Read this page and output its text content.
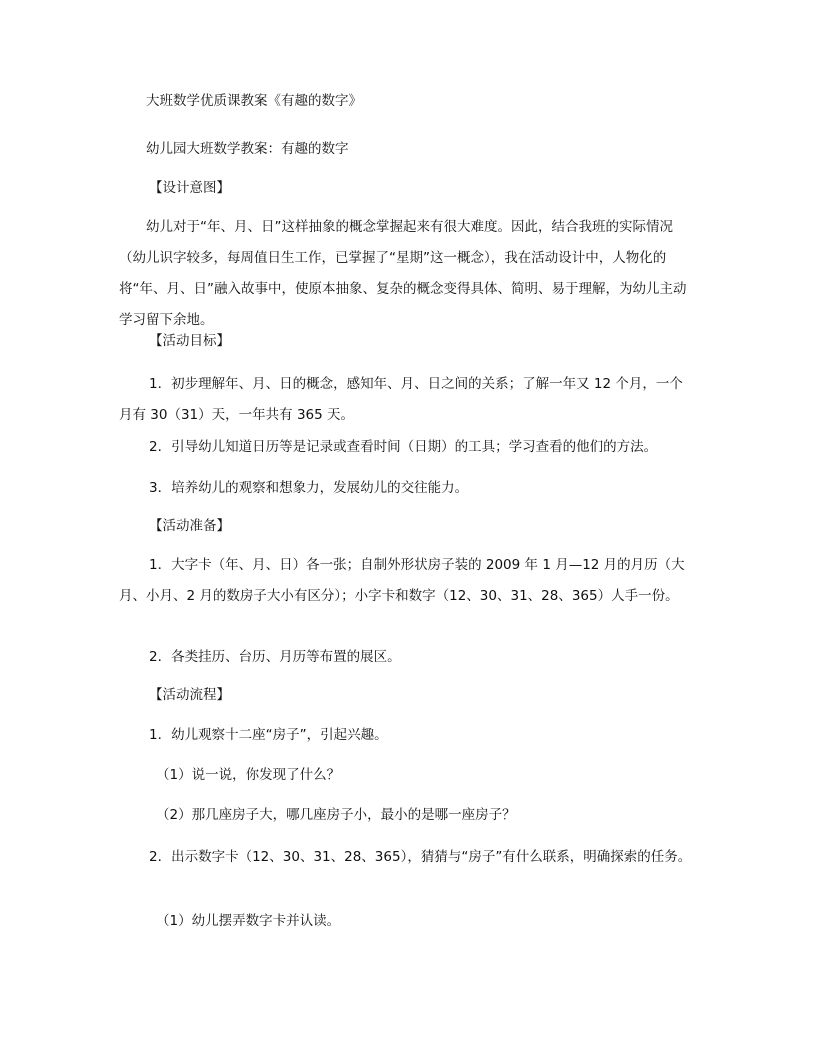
大班数学优质课教案《有趣的数字》

幼儿园大班数学教案：有趣的数字

【设计意图】

幼儿对于“年、月、日”这样抽象的概念掌握起来有很大难度。因此，结合我班的实际情况（幼儿识字较多，每周值日生工作，已掌握了“星期”这一概念），我在活动设计中，人物化的将“年、月、日”融入故事中，使原本抽象、复杂的概念变得具体、简明、易于理解，为幼儿主动学习留下余地。

【活动目标】

1．初步理解年、月、日的概念，感知年、月、日之间的关系；了解一年又 12 个月，一个月有 30（31）天，一年共有 365 天。

2．引导幼儿知道日历等是记录或查看时间（日期）的工具；学习查看的他们的方法。

3．培养幼儿的观察和想象力，发展幼儿的交往能力。

【活动准备】

1．大字卡（年、月、日）各一张；自制外形状房子装的 2009 年 1 月—12 月的月历（大月、小月、2 月的数房子大小有区分）；小字卡和数字（12、30、31、28、365）人手一份。

2．各类挂历、台历、月历等布置的展区。

【活动流程】

1．幼儿观察十二座“房子”，引起兴趣。

（1）说一说，你发现了什么？

（2）那几座房子大，哪几座房子小，最小的是哪一座房子？

2．出示数字卡（12、30、31、28、365），猜猜与“房子”有什么联系，明确探索的任务。

（1）幼儿摆弄数字卡并认读。
